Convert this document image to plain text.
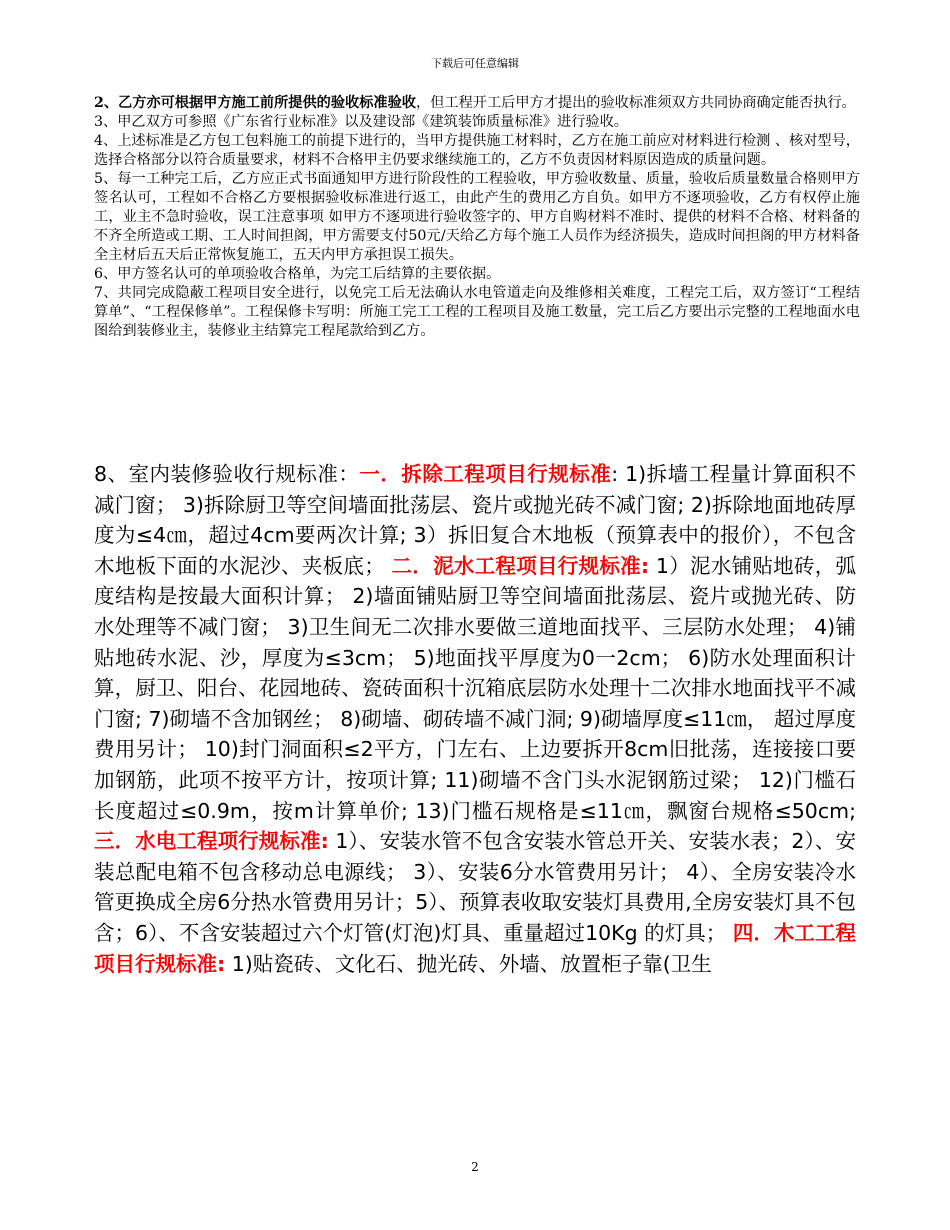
下载后可任意编辑

2、乙方亦可根据甲方施工前所提供的验收标准验收，但工程开工后甲方才提出的验收标准须双方共同协商确定能否执行。

3、甲乙双方可参照《广东省行业标准》以及建设部《建筑装饰质量标准》进行验收。

4、上述标准是乙方包工包料施工的前提下进行的，当甲方提供施工材料时，乙方在施工前应对材料进行检测 、核对型号，选择合格部分以符合质量要求，材料不合格甲主仍要求继续施工的，乙方不负责因材料原因造成的质量问题。

5、每一工种完工后，乙方应正式书面通知甲方进行阶段性的工程验收，甲方验收数量、质量，验收后质量数量合格则甲方签名认可，工程如不合格乙方要根据验收标准进行返工，由此产生的费用乙方自负。如甲方不逐项验收，乙方有权停止施工，业主不急时验收，误工注意事项 如甲方不逐项进行验收签字的、甲方自购材料不准时、提供的材料不合格、材料备的不齐全所造或工期、工人时间担阁，甲方需要支付50元/天给乙方每个施工人员作为经济损失，造成时间担阁的甲方材料备全主材后五天后正常恢复施工，五天内甲方承担误工损失。

6、甲方签名认可的单项验收合格单，为完工后结算的主要依据。

7、共同完成隐蔽工程项目安全进行，以免完工后无法确认水电管道走向及维修相关难度，工程完工后，双方签订“工程结算单”、“工程保修单”。工程保修卡写明：所施工完工工程的工程项目及施工数量，完工后乙方要出示完整的工程地面水电图给到装修业主，装修业主结算完工程尾款给到乙方。

8、室内装修验收行规标准：一．拆除工程项目行规标准: 1)拆墙工程量计算面积不减门窗； 3)拆除厨卫等空间墙面批荡层、瓷片或抛光砖不减门窗; 2)拆除地面地砖厚度为≤4㎝，超过4cm要两次计算; 3）拆旧复合木地板（预算表中的报价），不包含木地板下面的水泥沙、夹板底； 二．泥水工程项目行规标准: 1）泥水铺贴地砖，弧度结构是按最大面积计算； 2)墙面铺贴厨卫等空间墙面批荡层、瓷片或抛光砖、防水处理等不减门窗； 3)卫生间无二次排水要做三道地面找平、三层防水处理； 4)铺贴地砖水泥、沙，厚度为≤3cm； 5)地面找平厚度为0一2cm； 6)防水处理面积计算，厨卫、阳台、花园地砖、瓷砖面积十沉箱底层防水处理十二次排水地面找平不减门窗; 7)砌墙不含加钢丝； 8)砌墙、砌砖墙不减门洞; 9)砌墙厚度≤11㎝， 超过厚度费用另计； 10)封门洞面积≤2平方，门左右、上边要拆开8cm旧批荡，连接接口要加钢筋，此项不按平方计，按项计算; 11)砌墙不含门头水泥钢筋过梁； 12)门槛石长度超过≤0.9m，按m计算单价; 13)门槛石规格是≤11㎝，飘窗台规格≤50cm; 三．水电工程项行规标准: 1）、安装水管不包含安装水管总开关、安装水表；2）、安装总配电箱不包含移动总电源线； 3）、安装6分水管费用另计； 4）、全房安装冷水管更换成全房6分热水管费用另计；5）、预算表收取安装灯具费用,全房安装灯具不包含；6）、不含安装超过六个灯管(灯泡)灯具、重量超过10Kg 的灯具； 四．木工工程项目行规标准: 1)贴瓷砖、文化石、抛光砖、外墙、放置柜子靠(卫生

2
